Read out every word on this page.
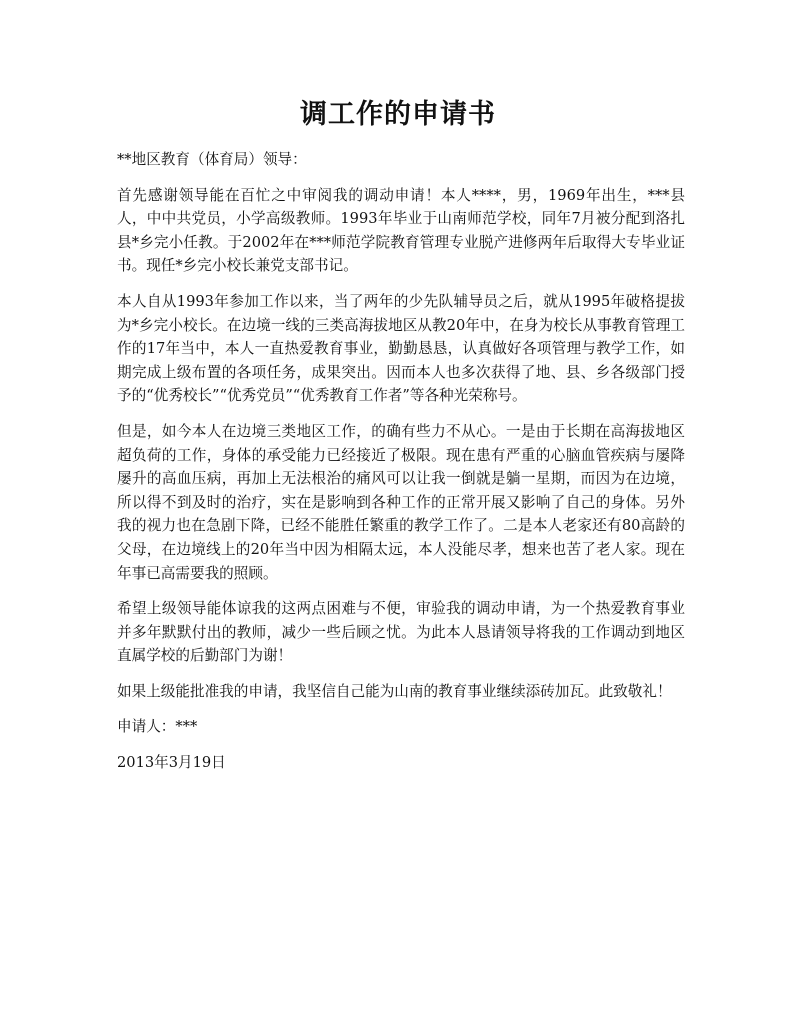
调工作的申请书

**地区教育（体育局）领导：

首先感谢领导能在百忙之中审阅我的调动申请！本人****，男，1969年出生，***县人，中中共党员，小学高级教师。1993年毕业于山南师范学校，同年7月被分配到洛扎县*乡完小任教。于2002年在***师范学院教育管理专业脱产进修两年后取得大专毕业证书。现任*乡完小校长兼党支部书记。

本人自从1993年参加工作以来，当了两年的少先队辅导员之后，就从1995年破格提拔为*乡完小校长。在边境一线的三类高海拔地区从教20年中，在身为校长从事教育管理工作的17年当中，本人一直热爱教育事业，勤勤恳恳，认真做好各项管理与教学工作，如期完成上级布置的各项任务，成果突出。因而本人也多次获得了地、县、乡各级部门授予的“优秀校长”“优秀党员”“优秀教育工作者”等各种光荣称号。

但是，如今本人在边境三类地区工作，的确有些力不从心。一是由于长期在高海拔地区超负荷的工作，身体的承受能力已经接近了极限。现在患有严重的心脑血管疾病与屡降屡升的高血压病，再加上无法根治的痛风可以让我一倒就是躺一星期，而因为在边境，所以得不到及时的治疗，实在是影响到各种工作的正常开展又影响了自己的身体。另外我的视力也在急剧下降，已经不能胜任繁重的教学工作了。二是本人老家还有80高龄的父母，在边境线上的20年当中因为相隔太远，本人没能尽孝，想来也苦了老人家。现在年事已高需要我的照顾。

希望上级领导能体谅我的这两点困难与不便，审验我的调动申请，为一个热爱教育事业并多年默默付出的教师，减少一些后顾之忧。为此本人恳请领导将我的工作调动到地区直属学校的后勤部门为谢！

如果上级能批准我的申请，我坚信自己能为山南的教育事业继续添砖加瓦。此致敬礼！

申请人：***

2013年3月19日
